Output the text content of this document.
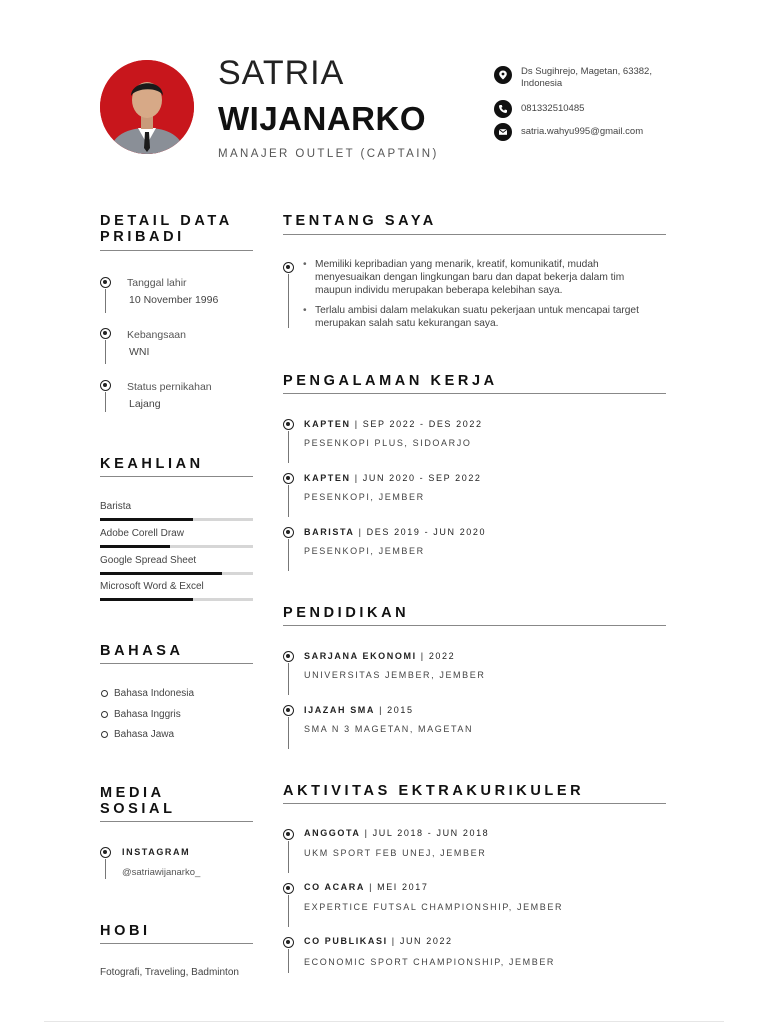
SATRIA
WIJANARKO
MANAJER OUTLET (CAPTAIN)
Ds Sugihrejo, Magetan, 63382, Indonesia
081332510485
satria.wahyu995@gmail.com
DETAIL DATA
PRIBADI
Tanggal lahir
10 November 1996
Kebangsaan
WNI
Status pernikahan
Lajang
KEAHLIAN
Barista
Adobe Corell Draw
Google Spread Sheet
Microsoft Word & Excel
BAHASA
Bahasa Indonesia
Bahasa Inggris
Bahasa Jawa
MEDIA
SOSIAL
INSTAGRAM
@satriawijanarko_
HOBI
Fotografi, Traveling, Badminton
TENTANG SAYA
• Memiliki kepribadian yang menarik, kreatif, komunikatif, mudah menyesuaikan dengan lingkungan baru dan dapat bekerja dalam tim maupun individu merupakan beberapa kelebihan saya.
• Terlalu ambisi dalam melakukan suatu pekerjaan untuk mencapai target merupakan salah satu kekurangan saya.
PENGALAMAN KERJA
KAPTEN | SEP 2022 - DES 2022
PESENKOPI PLUS, SIDOARJO
KAPTEN | JUN 2020 - SEP 2022
PESENKOPI, JEMBER
BARISTA | DES 2019 - JUN 2020
PESENKOPI, JEMBER
PENDIDIKAN
SARJANA EKONOMI | 2022
UNIVERSITAS JEMBER, JEMBER
IJAZAH SMA | 2015
SMA N 3 MAGETAN, MAGETAN
AKTIVITAS EKTRAKURIKULER
ANGGOTA | JUL 2018 - JUN 2018
UKM SPORT FEB UNEJ, JEMBER
CO ACARA | MEI 2017
EXPERTICE FUTSAL CHAMPIONSHIP, JEMBER
CO PUBLIKASI | JUN 2022
ECONOMIC SPORT CHAMPIONSHIP, JEMBER
